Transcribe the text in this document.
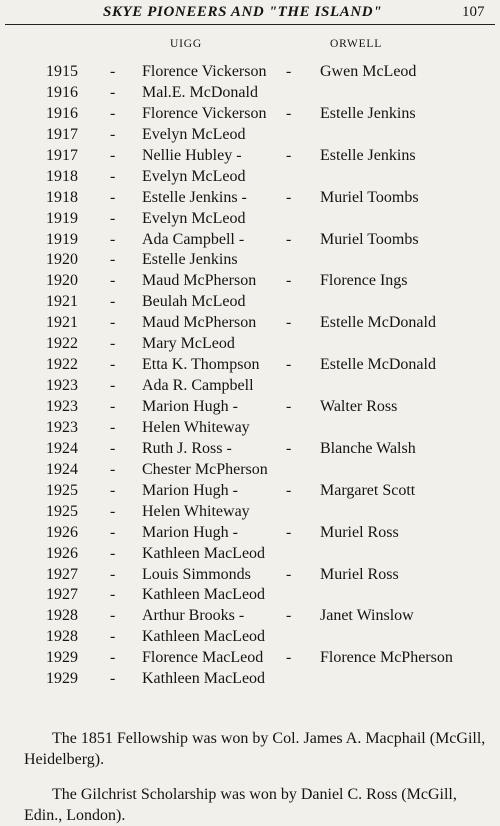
SKYE PIONEERS AND "THE ISLAND"	107
UIGG	ORWELL
1915 - Florence Vickerson - Gwen McLeod
1916 - Mal.E. McDonald
1916 - Florence Vickerson - Estelle Jenkins
1917 - Evelyn McLeod
1917 - Nellie Hubley -	- Estelle Jenkins
1918 - Evelyn McLeod
1918 - Estelle Jenkins - - Muriel Toombs
1919 - Evelyn McLeod
1919 - Ada Campbell -	- Muriel Toombs
1920 - Estelle Jenkins
1920 - Maud McPherson - Florence Ings
1921 - Beulah McLeod
1921 - Maud McPherson - Estelle McDonald
1922 - Mary McLeod
1922 - Etta K. Thompson - Estelle McDonald
1923 - Ada R. Campbell
1923 - Marion Hugh -	- Walter Ross
1923 - Helen Whiteway
1924 - Ruth J. Ross -	- Blanche Walsh
1924 - Chester McPherson
1925 - Marion Hugh -	- Margaret Scott
1925 - Helen Whiteway
1926 - Marion Hugh -	- Muriel Ross
1926 - Kathleen MacLeod
1927 - Louis Simmonds - Muriel Ross
1927 - Kathleen MacLeod
1928 - Arthur Brooks -	- Janet Winslow
1928 - Kathleen MacLeod
1929 - Florence MacLeod - Florence McPherson
1929 - Kathleen MacLeod

The 1851 Fellowship was won by Col. James A. Macphail (McGill, Heidelberg).

The Gilchrist Scholarship was won by Daniel C. Ross (McGill, Edin., London).
